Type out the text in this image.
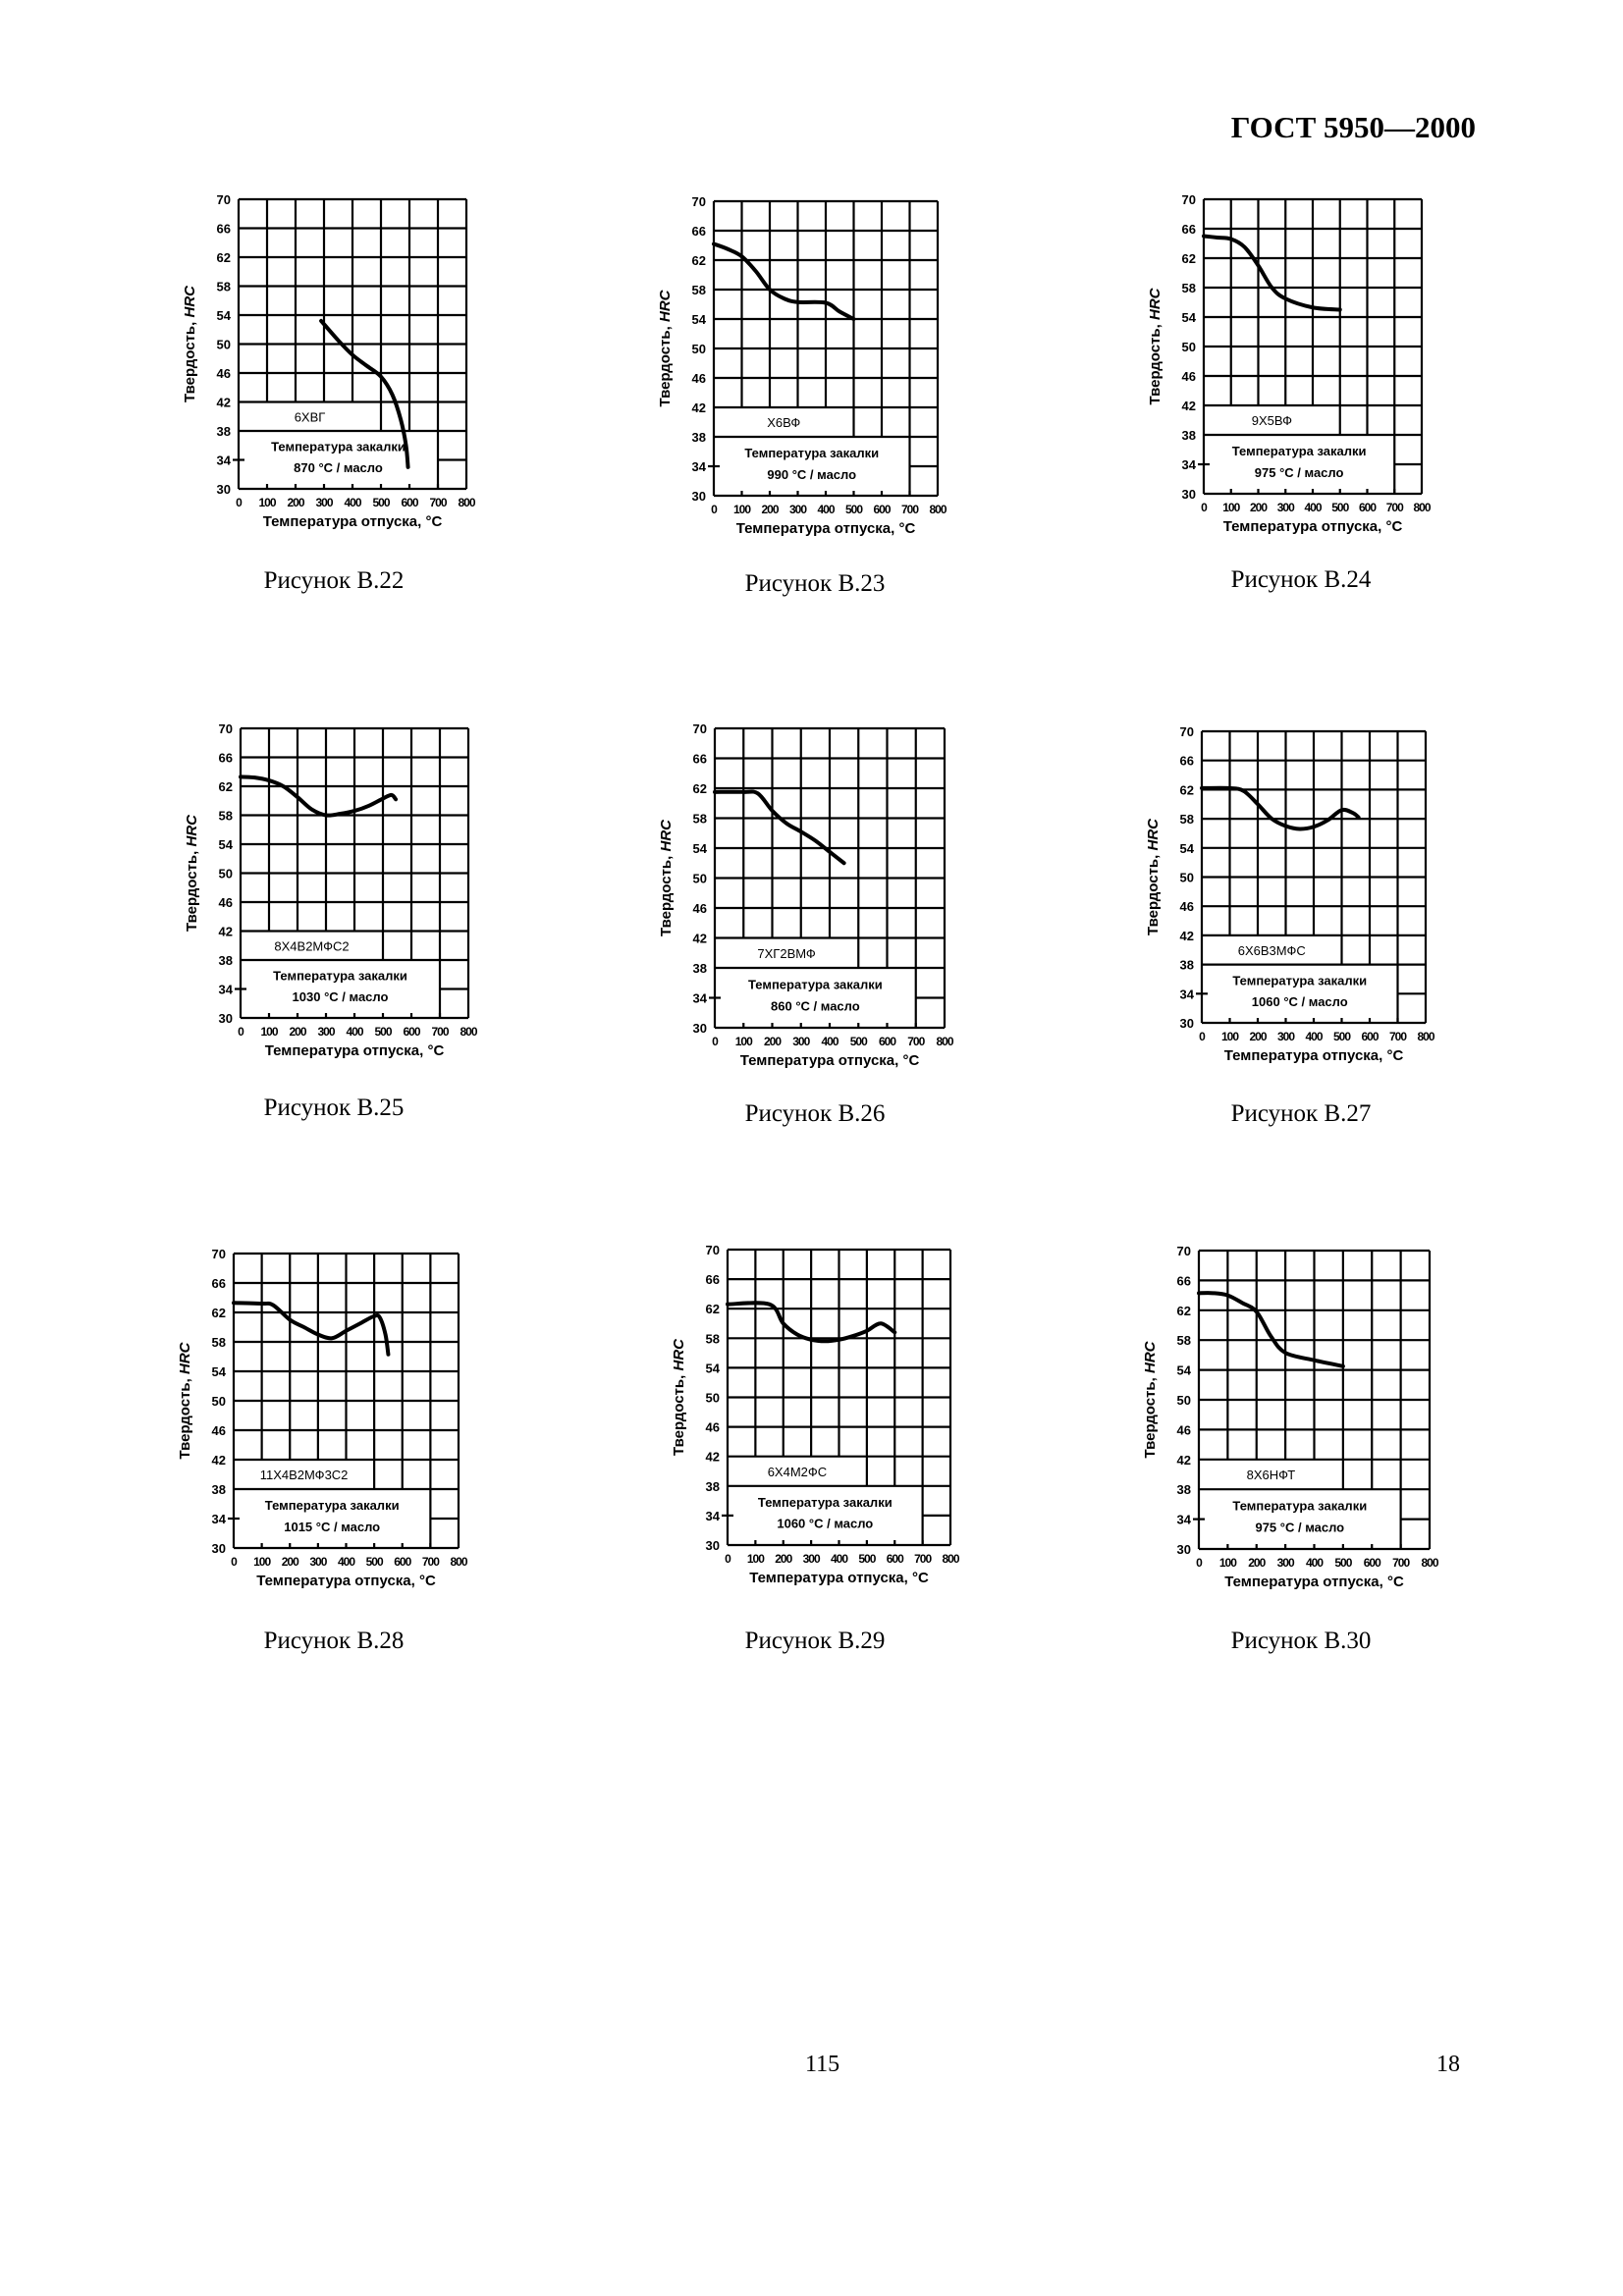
ГОСТ 5950—2000
6ХВГ
Температура закалки
870 °С / масло
30
34
38
42
46
50
54
58
62
66
70
0 100 200 300 400 500 600 700 800
Температура отпуска, °С
Твердость, HRC
Рисунок В.22
Х6ВФ
Температура закалки
990 °С / масло
30
34
38
42
46
50
54
58
62
66
70
0 100 200 300 400 500 600 700 800
Температура отпуска, °С
Твердость, HRC
Рисунок В.23
9Х5ВФ
Температура закалки
975 °С / масло
30
34
38
42
46
50
54
58
62
66
70
0 100 200 300 400 500 600 700 800
Температура отпуска, °С
Твердость, HRC
Рисунок В.24
8Х4В2МФС2
Температура закалки
1030 °С / масло
30
34
38
42
46
50
54
58
62
66
70
0 100 200 300 400 500 600 700 800
Температура отпуска, °С
Твердость, HRC
Рисунок В.25
7ХГ2ВМФ
Температура закалки
860 °С / масло
30
34
38
42
46
50
54
58
62
66
70
0 100 200 300 400 500 600 700 800
Температура отпуска, °С
Твердость, HRC
Рисунок В.26
6Х6В3МФС
Температура закалки
1060 °С / масло
30
34
38
42
46
50
54
58
62
66
70
0 100 200 300 400 500 600 700 800
Температура отпуска, °С
Твердость, HRC
Рисунок В.27
11Х4В2МФ3С2
Температура закалки
1015 °С / масло
30
34
38
42
46
50
54
58
62
66
70
0 100 200 300 400 500 600 700 800
Температура отпуска, °С
Твердость, HRC
Рисунок В.28
6Х4М2ФС
Температура закалки
1060 °С / масло
30
34
38
42
46
50
54
58
62
66
70
0 100 200 300 400 500 600 700 800
Температура отпуска, °С
Твердость, HRC
Рисунок В.29
8Х6НФТ
Температура закалки
975 °С / масло
30
34
38
42
46
50
54
58
62
66
70
0 100 200 300 400 500 600 700 800
Температура отпуска, °С
Твердость, HRC
Рисунок В.30
115	18
